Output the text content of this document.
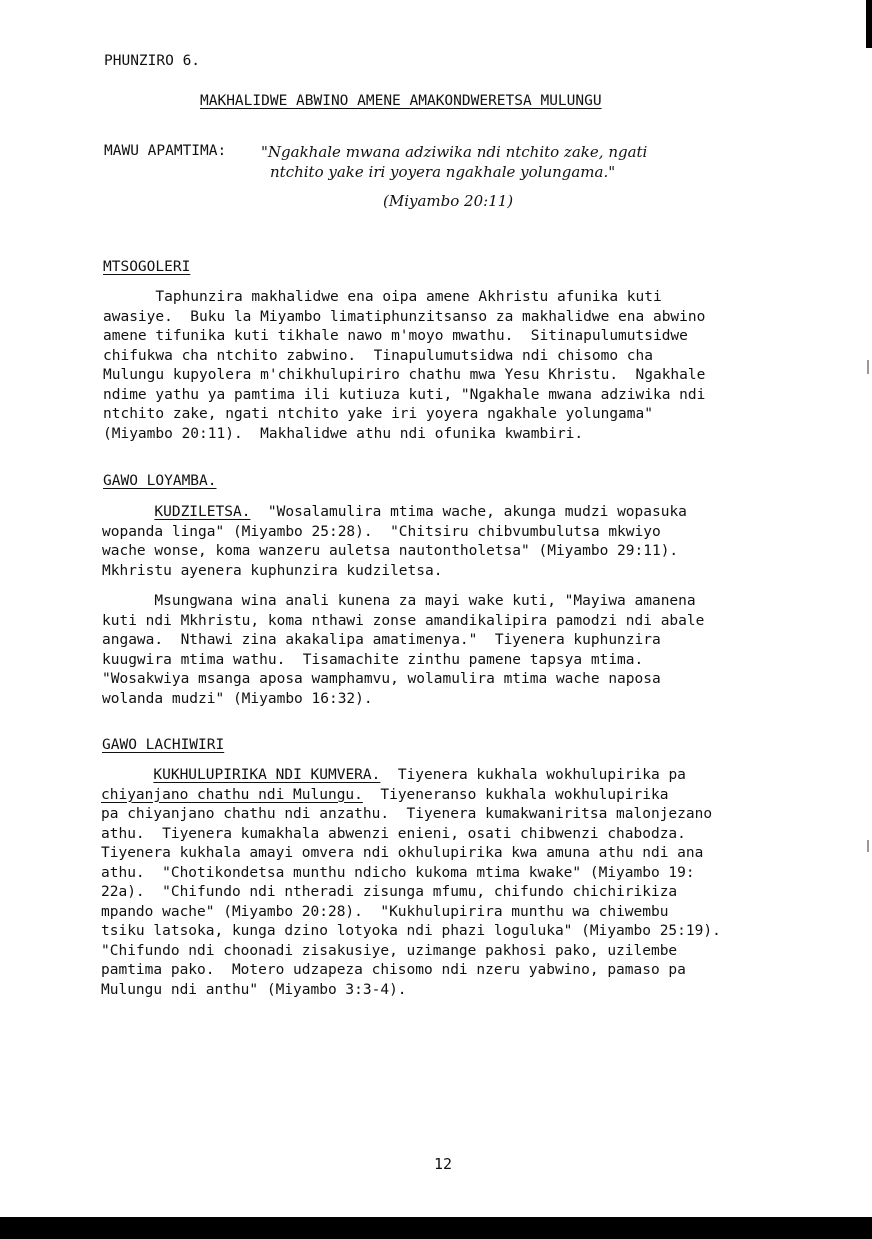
PHUNZIRO 6.
MAKHALIDWE ABWINO AMENE AMAKONDWERETSA MULUNGU
MAWU APAMTIMA: "Ngakhale mwana adziwika ndi ntchito zake, ngati
ntchito yake iri yoyera ngakhale yolungama."
(Miyambo 20:11)
MTSOGOLERI
Taphunzira makhalidwe ena oipa amene Akhristu afunika kuti
awasiye.  Buku la Miyambo limatiphunzitsanso za makhalidwe ena abwino
amene tifunika kuti tikhale nawo m'moyo mwathu.  Sitinapulumutsidwe
chifukwa cha ntchito zabwino.  Tinapulumutsidwa ndi chisomo cha
Mulungu kupyolera m'chikhulupiriro chathu mwa Yesu Khristu.  Ngakhale
ndime yathu ya pamtima ili kutiuza kuti, "Ngakhale mwana adziwika ndi
ntchito zake, ngati ntchito yake iri yoyera ngakhale yolungama"
(Miyambo 20:11).  Makhalidwe athu ndi ofunika kwambiri.
GAWO LOYAMBA.
KUDZILETSA.  "Wosalamulira mtima wache, akunga mudzi wopasuka
wopanda linga" (Miyambo 25:28).  "Chitsiru chibvumbulutsa mkwiyo
wache wonse, koma wanzeru auletsa nautontholetsa" (Miyambo 29:11).
Mkhristu ayenera kuphunzira kudziletsa.
Msungwana wina anali kunena za mayi wake kuti, "Mayiwa amanena
kuti ndi Mkhristu, koma nthawi zonse amandikalipira pamodzi ndi abale
angawa.  Nthawi zina akakalipa amatimenya."  Tiyenera kuphunzira
kuugwira mtima wathu.  Tisamachite zinthu pamene tapsya mtima.
"Wosakwiya msanga aposa wamphamvu, wolamulira mtima wache naposa
wolanda mudzi" (Miyambo 16:32).
GAWO LACHIWIRI
KUKHULUPIRIKA NDI KUMVERA.  Tiyenera kukhala wokhulupirika pa
chiyanjano chathu ndi Mulungu.  Tiyeneranso kukhala wokhulupirika
pa chiyanjano chathu ndi anzathu.  Tiyenera kumakwaniritsa malonjezano
athu.  Tiyenera kumakhala abwenzi enieni, osati chibwenzi chabodza.
Tiyenera kukhala amayi omvera ndi okhulupirika kwa amuna athu ndi ana
athu.  "Chotikondetsa munthu ndicho kukoma mtima kwake" (Miyambo 19:
22a).  "Chifundo ndi ntheradi zisunga mfumu, chifundo chichirikiza
mpando wache" (Miyambo 20:28).  "Kukhulupirira munthu wa chiwembu
tsiku latsoka, kunga dzino lotyoka ndi phazi loguluka" (Miyambo 25:19).
"Chifundo ndi choonadi zisakusiye, uzimange pakhosi pako, uzilembe
pamtima pako.  Motero udzapeza chisomo ndi nzeru yabwino, pamaso pa
Mulungu ndi anthu" (Miyambo 3:3-4).
12
